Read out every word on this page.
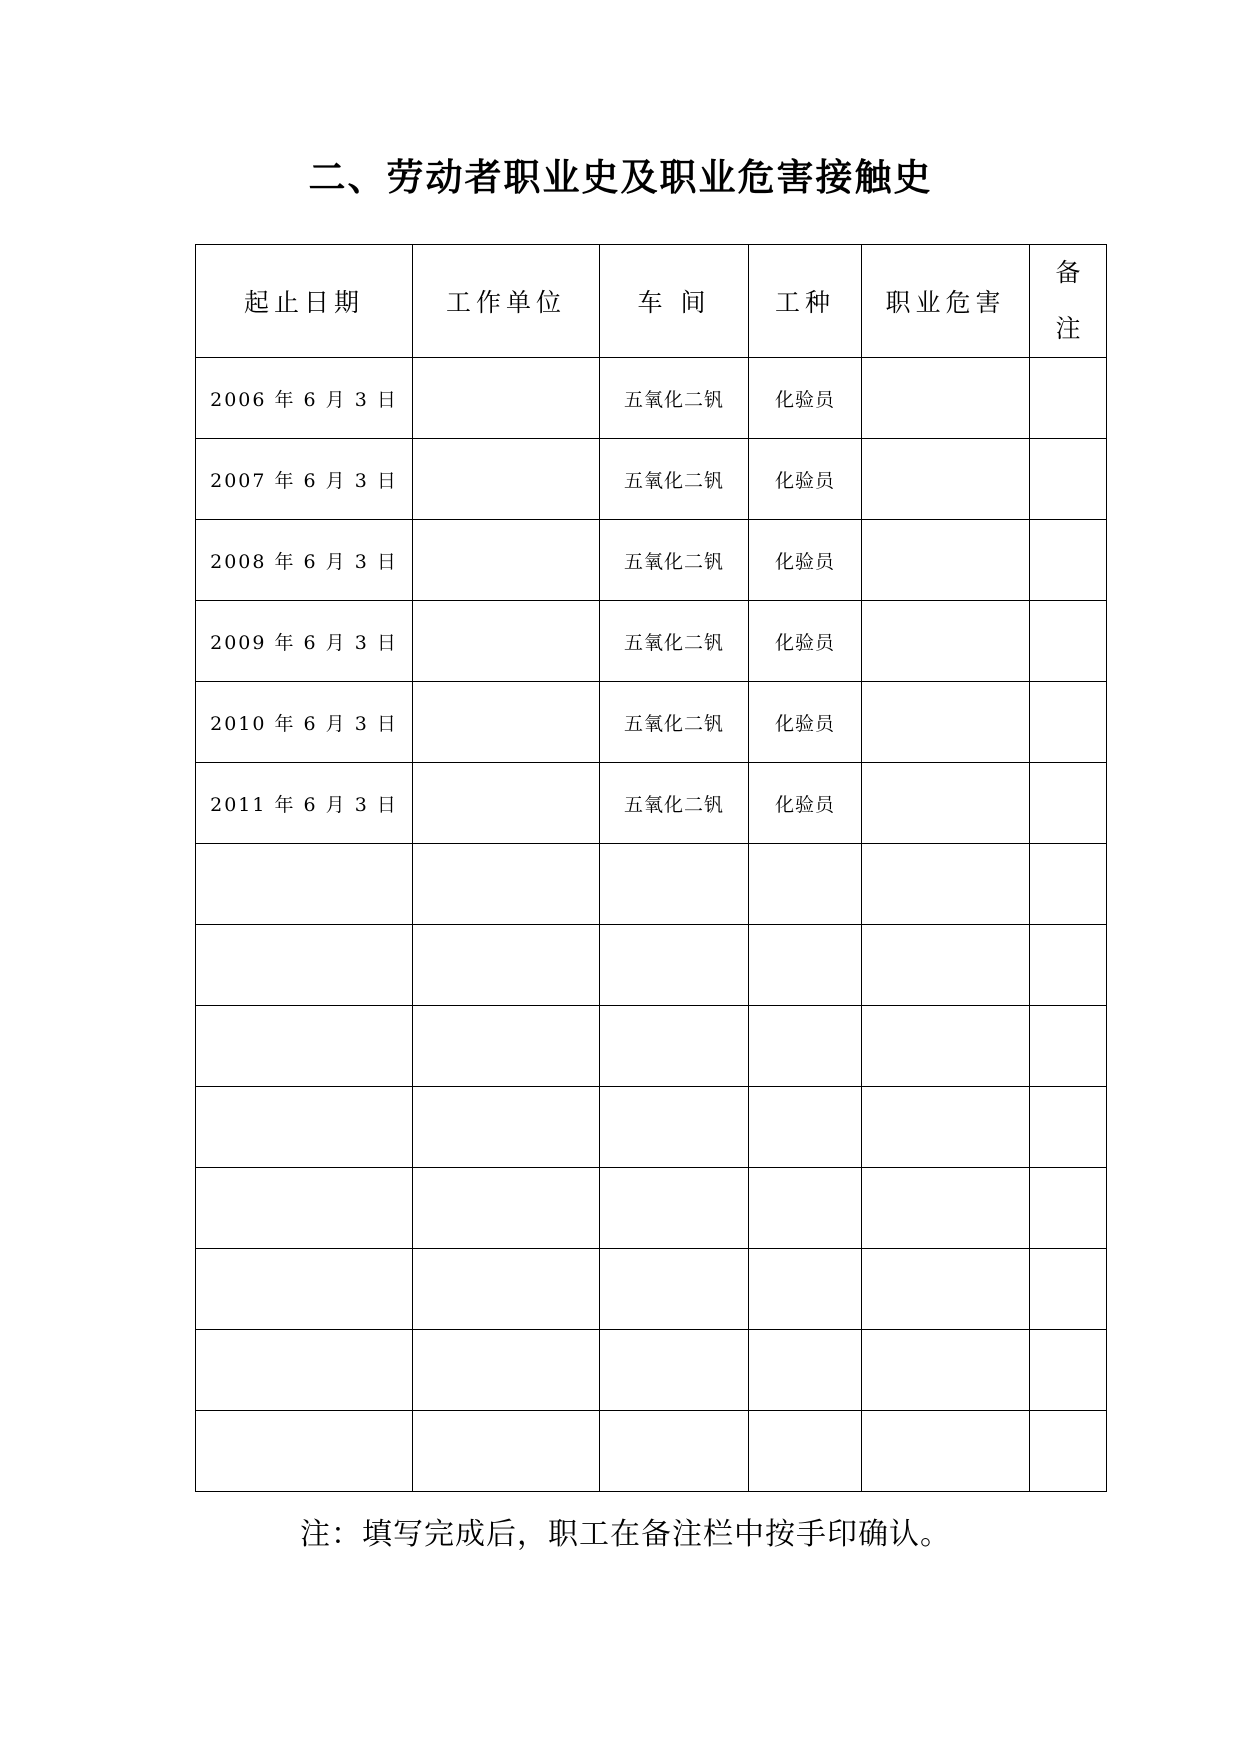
二、劳动者职业史及职业危害接触史
起止日期	工作单位	车 间	工种	职业危害	备
注

2006 年 6 月 3 日		五氧化二钒	化验员		
2007 年 6 月 3 日		五氧化二钒	化验员		
2008 年 6 月 3 日		五氧化二钒	化验员		
2009 年 6 月 3 日		五氧化二钒	化验员		
2010 年 6 月 3 日		五氧化二钒	化验员		
2011 年 6 月 3 日		五氧化二钒	化验员		

注：填写完成后，职工在备注栏中按手印确认。
